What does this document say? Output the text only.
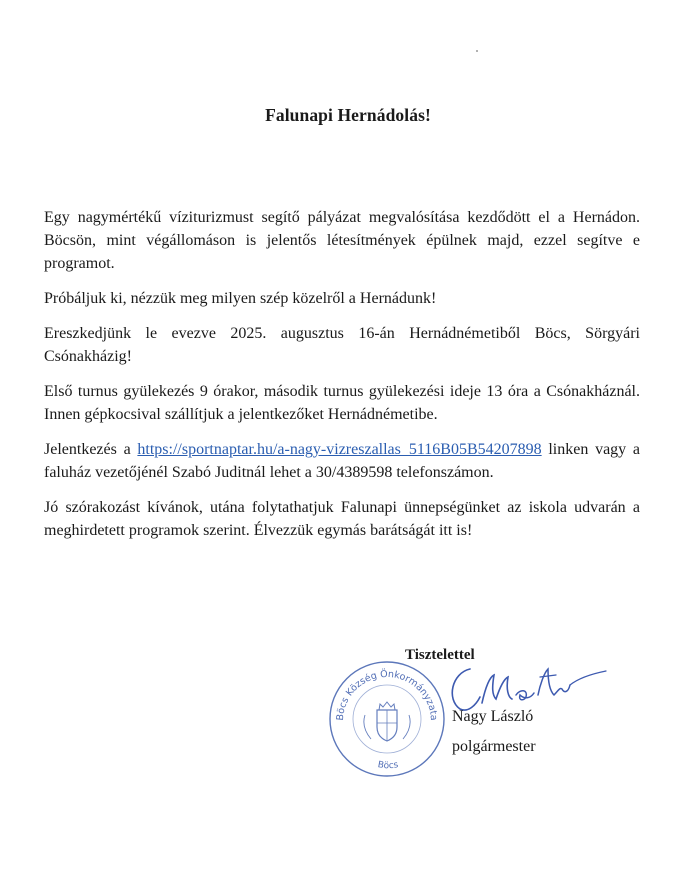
Falunapi Hernádolás!

Egy nagymértékű víziturizmust segítő pályázat megvalósítása kezdődött el a Hernádon. Böcsön, mint végállomáson is jelentős létesítmények épülnek majd, ezzel segítve e programot.

Próbáljuk ki, nézzük meg milyen szép közelről a Hernádunk!

Ereszkedjünk le evezve 2025. augusztus 16-án Hernádnémetiből Böcs, Sörgyári Csónakházig!

Első turnus gyülekezés 9 órakor, második turnus gyülekezési ideje 13 óra a Csónakháznál. Innen gépkocsival szállítjuk a jelentkezőket Hernádnémetibe.

Jelentkezés a https://sportnaptar.hu/a-nagy-vizreszallas_5116B05B54207898 linken vagy a faluház vezetőjénél Szabó Juditnál lehet a 30/4389598 telefonszámon.

Jó szórakozást kívánok, utána folytathatjuk Falunapi ünnepségünket az iskola udvarán a meghirdetett programok szerint. Élvezzük egymás barátságát itt is!

Tisztelettel
Böcs Község Önkormányzata
Böcs
Nagy László
polgármester
